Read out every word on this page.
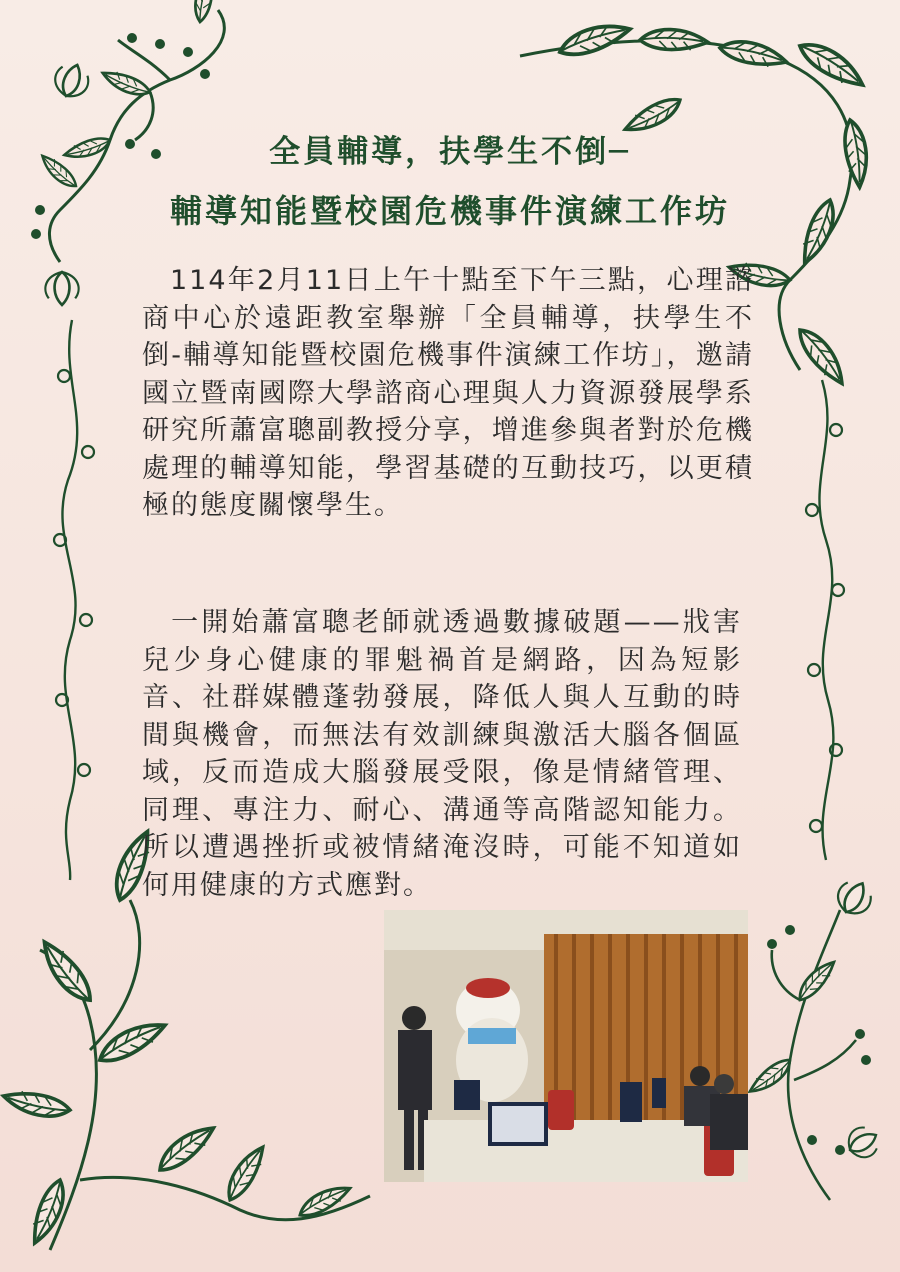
全員輔導，扶學生不倒─
輔導知能暨校園危機事件演練工作坊

114年2月11日上午十點至下午三點，心理諮商中心於遠距教室舉辦「全員輔導，扶學生不倒-輔導知能暨校園危機事件演練工作坊」，邀請國立暨南國際大學諮商心理與人力資源發展學系研究所蕭富聰副教授分享，增進參與者對於危機處理的輔導知能，學習基礎的互動技巧，以更積極的態度關懷學生。

一開始蕭富聰老師就透過數據破題——戕害兒少身心健康的罪魁禍首是網路，因為短影音、社群媒體蓬勃發展，降低人與人互動的時間與機會，而無法有效訓練與激活大腦各個區域，反而造成大腦發展受限，像是情緒管理、同理、專注力、耐心、溝通等高階認知能力。所以遭遇挫折或被情緒淹沒時，可能不知道如何用健康的方式應對。
